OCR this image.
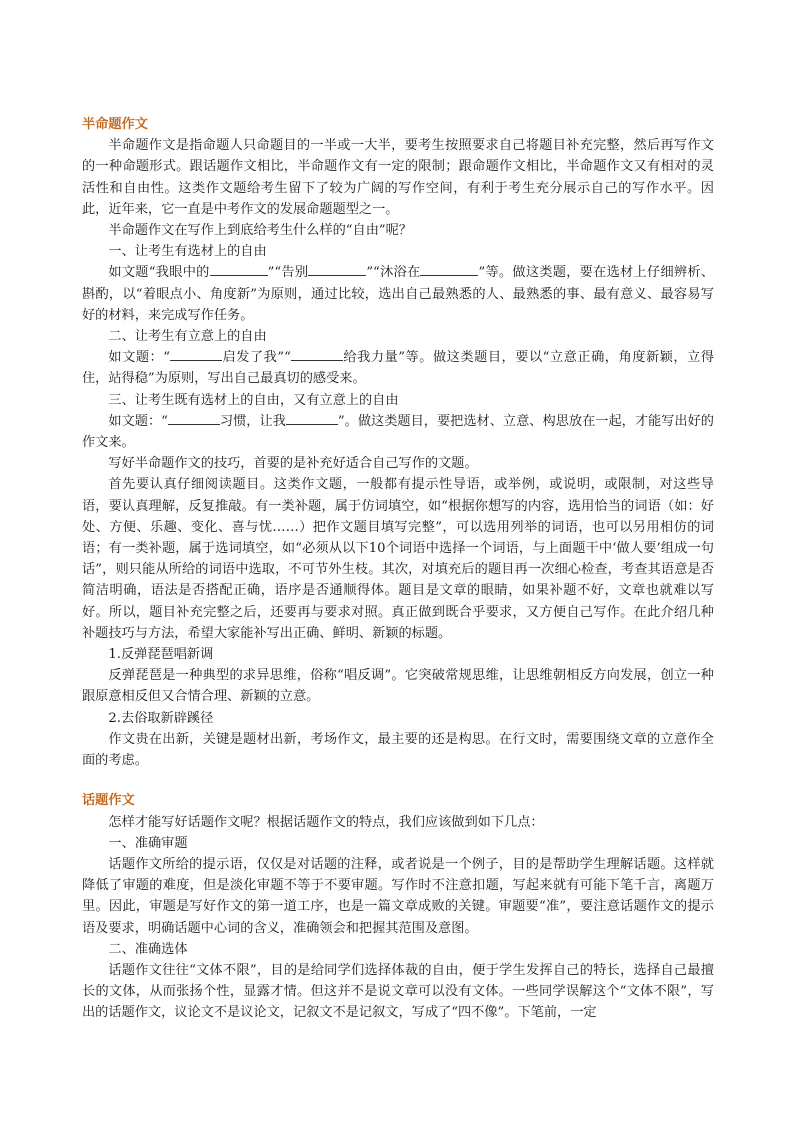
半命题作文

半命题作文是指命题人只命题目的一半或一大半，要考生按照要求自己将题目补充完整，然后再写作文的一种命题形式。跟话题作文相比，半命题作文有一定的限制；跟命题作文相比，半命题作文又有相对的灵活性和自由性。这类作文题给考生留下了较为广阔的写作空间，有利于考生充分展示自己的写作水平。因此，近年来，它一直是中考作文的发展命题题型之一。

半命题作文在写作上到底给考生什么样的“自由”呢？

一、让考生有选材上的自由

如文题“我眼中的	”“告别	”“沐浴在	”等。做这类题，要在选材上仔细辨析、斟酌，以“着眼点小、角度新”为原则，通过比较，选出自己最熟悉的人、最熟悉的事、最有意义、最容易写好的材料，来完成写作任务。

二、让考生有立意上的自由

如文题：“	启发了我”“	给我力量”等。做这类题目，要以“立意正确，角度新颖，立得住，站得稳”为原则，写出自己最真切的感受来。

三、让考生既有选材上的自由，又有立意上的自由

如文题：“	习惯，让我	”。做这类题目，要把选材、立意、构思放在一起，才能写出好的作文来。

写好半命题作文的技巧，首要的是补充好适合自己写作的文题。

首先要认真仔细阅读题目。这类作文题，一般都有提示性导语，或举例，或说明，或限制，对这些导语，要认真理解，反复推敲。有一类补题，属于仿词填空，如“根据你想写的内容，选用恰当的词语（如：好处、方便、乐趣、变化、喜与忧……）把作文题目填写完整”，可以选用列举的词语，也可以另用相仿的词语；有一类补题，属于选词填空，如“必须从以下10个词语中选择一个词语，与上面题干中‘做人要’组成一句话”，则只能从所给的词语中选取，不可节外生枝。其次，对填充后的题目再一次细心检查，考查其语意是否简洁明确，语法是否搭配正确，语序是否通顺得体。题目是文章的眼睛，如果补题不好，文章也就难以写好。所以，题目补充完整之后，还要再与要求对照。真正做到既合乎要求，又方便自己写作。在此介绍几种补题技巧与方法，希望大家能补写出正确、鲜明、新颖的标题。

1.反弹琵琶唱新调

反弹琵琶是一种典型的求异思维，俗称“唱反调”。它突破常规思维，让思维朝相反方向发展，创立一种跟原意相反但又合情合理、新颖的立意。

2.去俗取新辟蹊径

作文贵在出新，关键是题材出新，考场作文，最主要的还是构思。在行文时，需要围绕文章的立意作全面的考虑。

话题作文

怎样才能写好话题作文呢？根据话题作文的特点，我们应该做到如下几点：

一、准确审题

话题作文所给的提示语，仅仅是对话题的注释，或者说是一个例子，目的是帮助学生理解话题。这样就降低了审题的难度，但是淡化审题不等于不要审题。写作时不注意扣题，写起来就有可能下笔千言，离题万里。因此，审题是写好作文的第一道工序，也是一篇文章成败的关键。审题要“准”，要注意话题作文的提示语及要求，明确话题中心词的含义，准确领会和把握其范围及意图。

二、准确选体

话题作文往往“文体不限”，目的是给同学们选择体裁的自由，便于学生发挥自己的特长，选择自己最擅长的文体，从而张扬个性，显露才情。但这并不是说文章可以没有文体。一些同学误解这个“文体不限”，写出的话题作文，议论文不是议论文，记叙文不是记叙文，写成了“四不像”。下笔前，一定
